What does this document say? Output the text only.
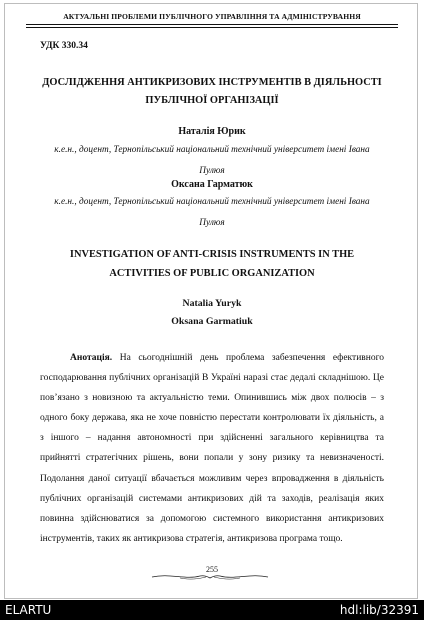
АКТУАЛЬНІ ПРОБЛЕМИ ПУБЛІЧНОГО УПРАВЛІННЯ ТА АДМІНІСТРУВАННЯ
УДК 330.34
ДОСЛІДЖЕННЯ АНТИКРИЗОВИХ ІНСТРУМЕНТІВ В ДІЯЛЬНОСТІ ПУБЛІЧНОЇ ОРГАНІЗАЦІЇ
Наталія Юрик
к.е.н., доцент, Тернопільський національний технічний університет імені Івана
Пулюя
Оксана Гарматюк
к.е.н., доцент, Тернопільський національний технічний університет імені Івана
Пулюя
INVESTIGATION OF ANTI-CRISIS INSTRUMENTS IN THE ACTIVITIES OF PUBLIC ORGANIZATION
Natalia Yuryk
Oksana Garmatiuk

Анотація. На сьогоднішній день проблема забезпечення ефективного господарювання публічних організацій В Україні наразі стає дедалі складнішою. Це пов’язано з новизною та актуальністю теми. Опинившись між двох полюсів – з одного боку держава, яка не хоче повністю перестати контролювати їх діяльність, а з іншого – надання автономності при здійсненні загального керівництва та прийнятті стратегічних рішень, вони попали у зону ризику та невизначеності. Подолання даної ситуації вбачається можливим через впровадження в діяльність публічних організацій системами антикризових дій та заходів, реалізація яких повинна здійснюватися за допомогою системного використання антикризових інструментів, таких як антикризова стратегія, антикризова програма тощо.

255
ELARTU	hdl:lib/32391
